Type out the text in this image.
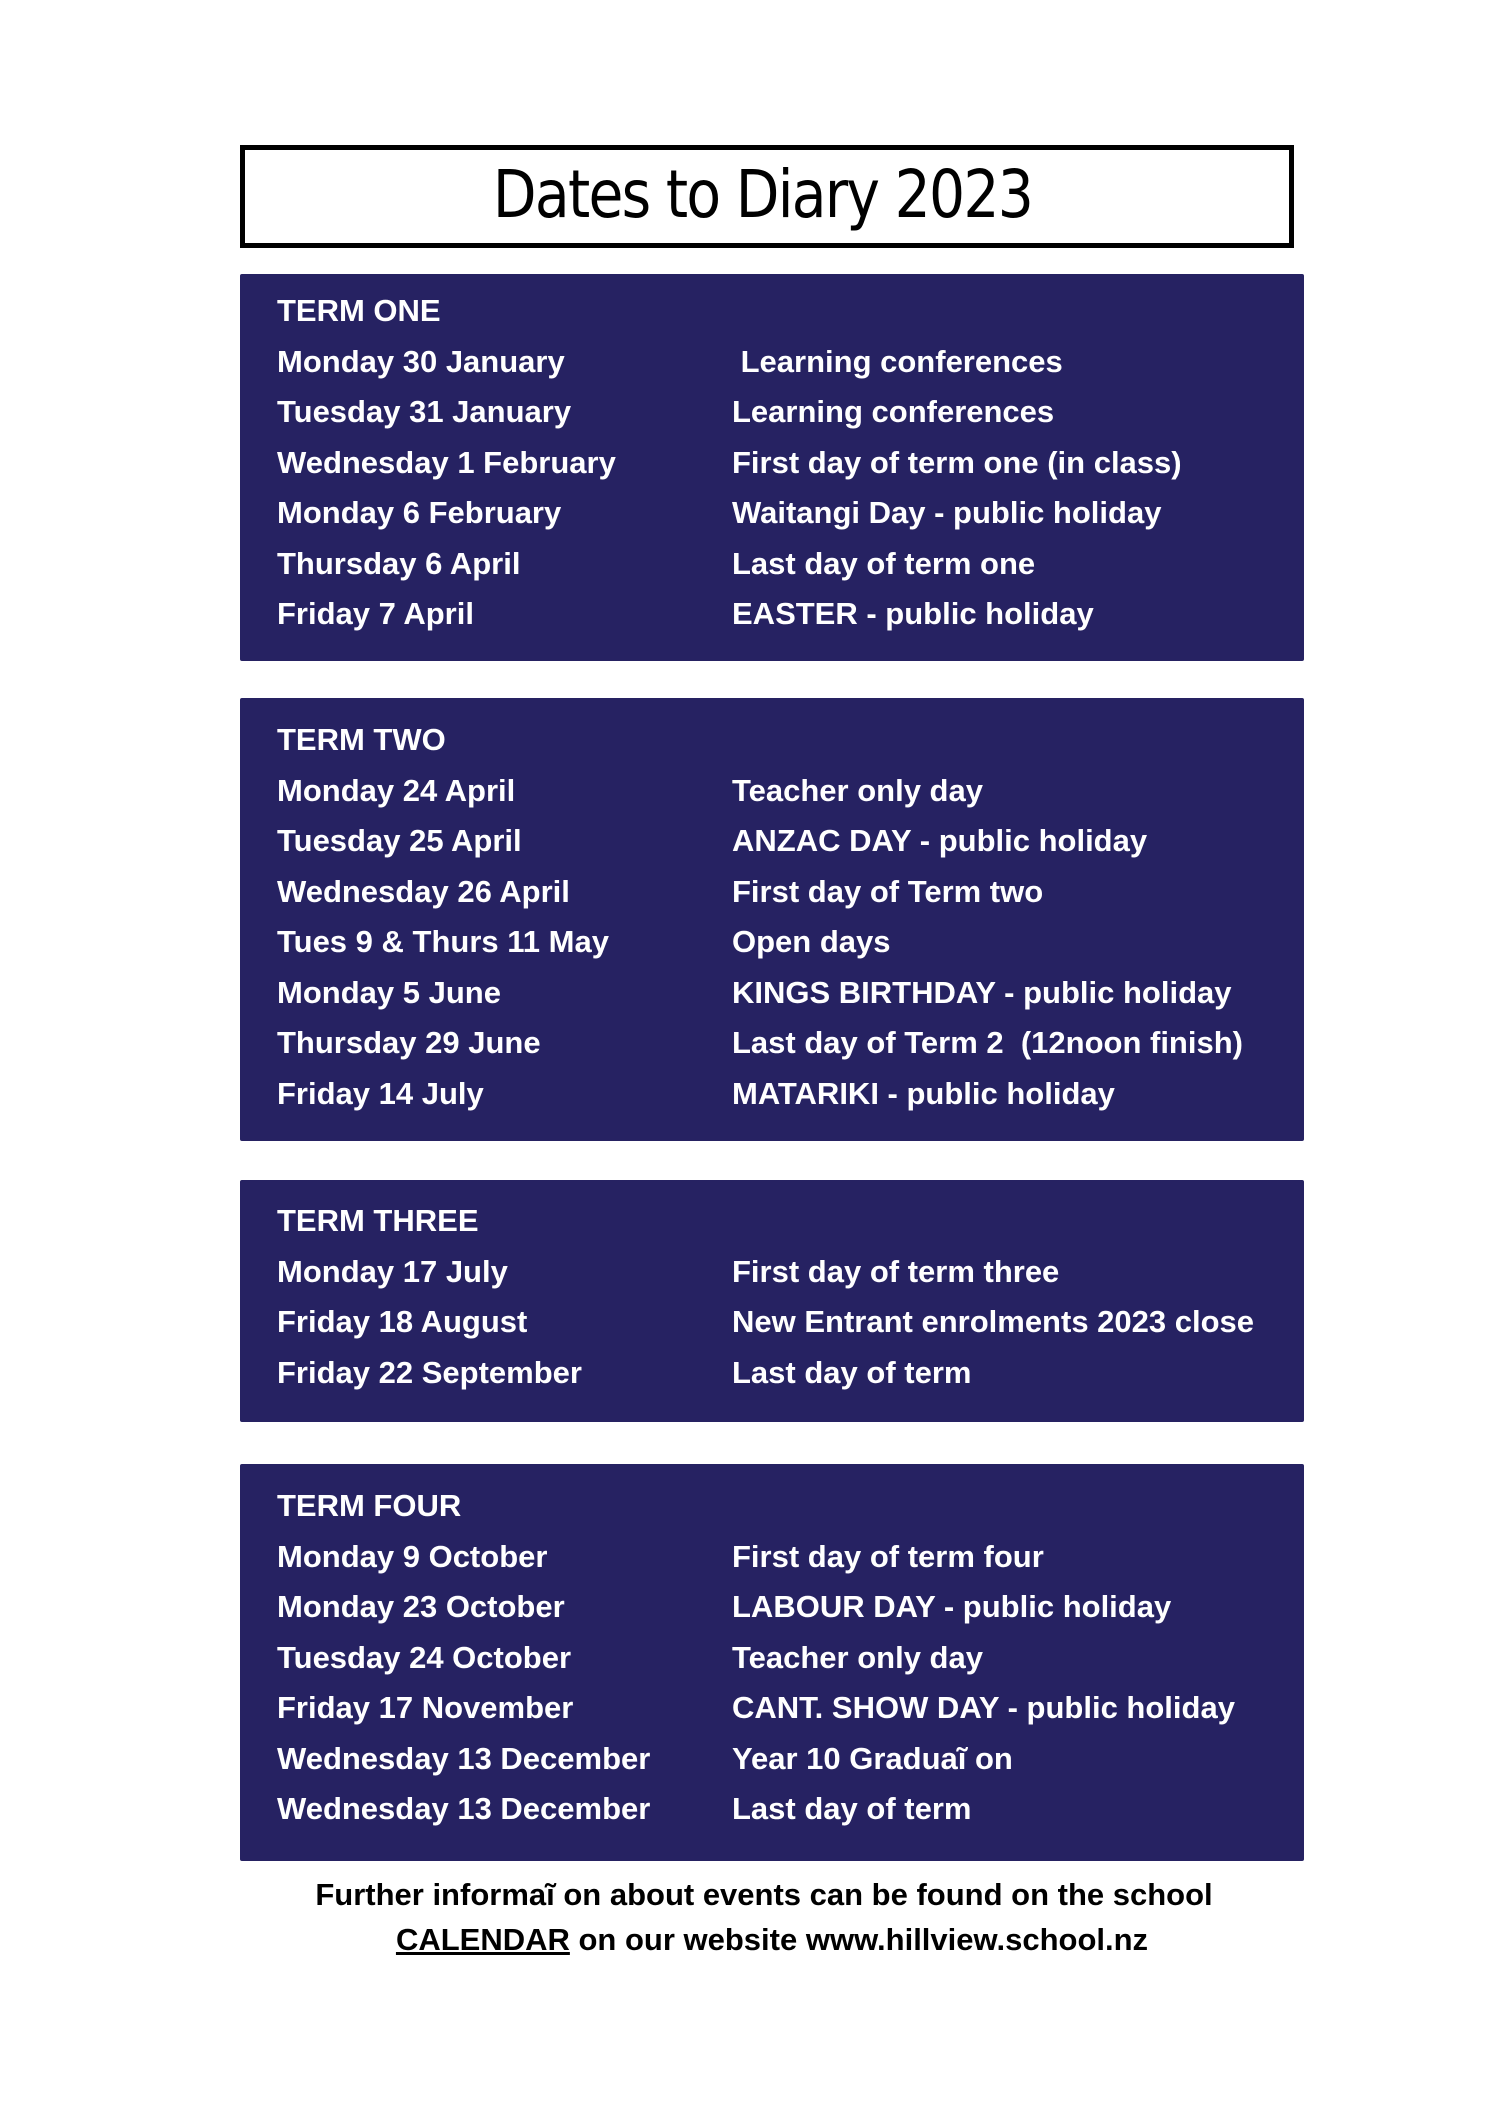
Dates to Diary 2023
TERM ONE
Monday 30 January	Learning conferences
Tuesday 31 January	Learning conferences
Wednesday 1 February	First day of term one (in class)
Monday 6 February	Waitangi Day - public holiday
Thursday 6 April	Last day of term one
Friday 7 April	EASTER - public holiday
TERM TWO
Monday 24 April	Teacher only day
Tuesday 25 April	ANZAC DAY - public holiday
Wednesday 26 April	First day of Term two
Tues 9 & Thurs 11 May	Open days
Monday 5 June	KINGS BIRTHDAY - public holiday
Thursday 29 June	Last day of Term 2  (12noon finish)
Friday 14 July	MATARIKI - public holiday
TERM THREE
Monday 17 July	First day of term three
Friday 18 August	New Entrant enrolments 2023 close
Friday 22 September	Last day of term
TERM FOUR
Monday 9 October	First day of term four
Monday 23 October	LABOUR DAY - public holiday
Tuesday 24 October	Teacher only day
Friday 17 November	CANT. SHOW DAY - public holiday
Wednesday 13 December	Year 10 Graduaĩ on
Wednesday 13 December	Last day of term
Further informaĩ on about events can be found on the school
CALENDAR on our website www.hillview.school.nz
